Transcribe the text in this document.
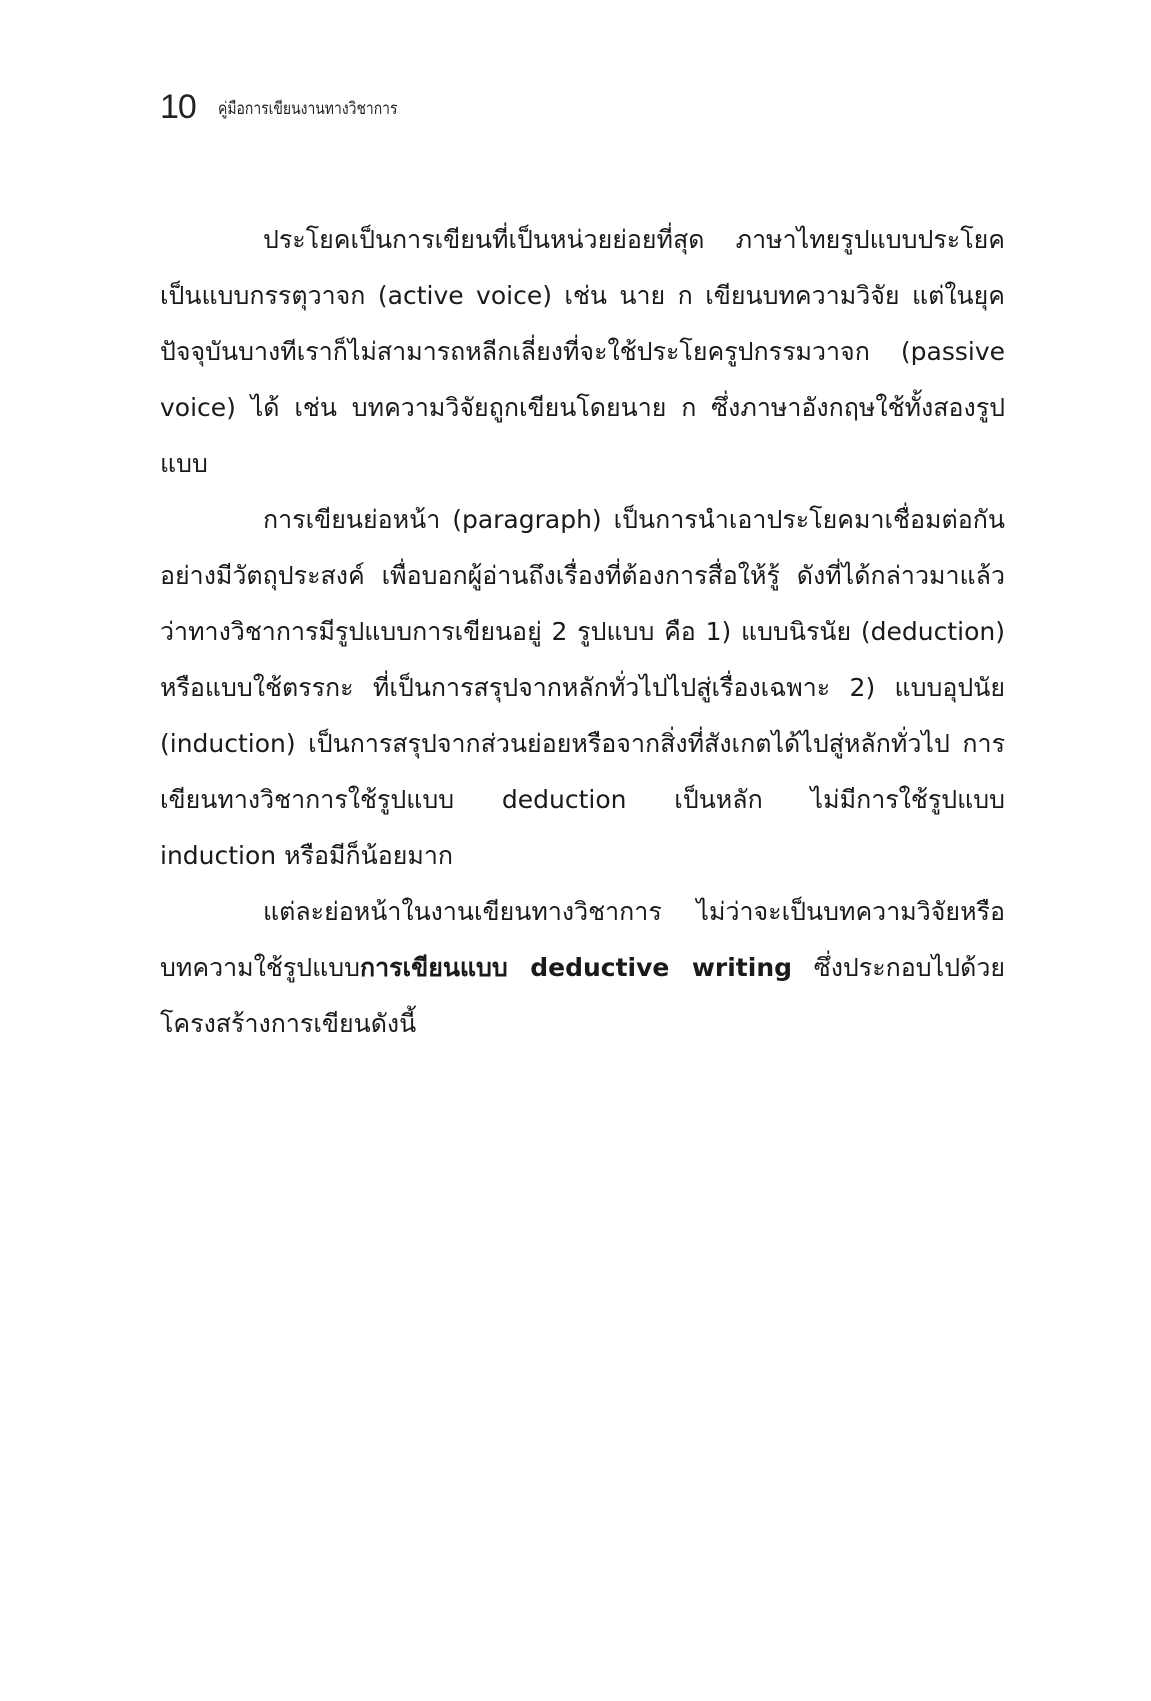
10 คู่มือการเขียนงานทางวิชาการ

ประโยคเป็นการเขียนที่เป็นหน่วยย่อยที่สุด ภาษาไทยรูปแบบประโยคเป็นแบบกรรตุวาจก (active voice) เช่น นาย ก เขียนบทความวิจัย แต่ในยุคปัจจุบันบางทีเราก็ไม่สามารถหลีกเลี่ยงที่จะใช้ประโยครูปกรรมวาจก (passive voice) ได้ เช่น บทความวิจัยถูกเขียนโดยนาย ก ซึ่งภาษาอังกฤษใช้ทั้งสองรูปแบบ

การเขียนย่อหน้า (paragraph) เป็นการนำเอาประโยคมาเชื่อมต่อกันอย่างมีวัตถุประสงค์ เพื่อบอกผู้อ่านถึงเรื่องที่ต้องการสื่อให้รู้ ดังที่ได้กล่าวมาแล้วว่าทางวิชาการมีรูปแบบการเขียนอยู่ 2 รูปแบบ คือ 1) แบบนิรนัย (deduction) หรือแบบใช้ตรรกะ ที่เป็นการสรุปจากหลักทั่วไปไปสู่เรื่องเฉพาะ 2) แบบอุปนัย (induction) เป็นการสรุปจากส่วนย่อยหรือจากสิ่งที่สังเกตได้ไปสู่หลักทั่วไป การเขียนทางวิชาการใช้รูปแบบ deduction เป็นหลัก ไม่มีการใช้รูปแบบ induction หรือมีก็น้อยมาก

แต่ละย่อหน้าในงานเขียนทางวิชาการ ไม่ว่าจะเป็นบทความวิจัยหรือบทความใช้รูปแบบการเขียนแบบ deductive writing ซึ่งประกอบไปด้วยโครงสร้างการเขียนดังนี้
